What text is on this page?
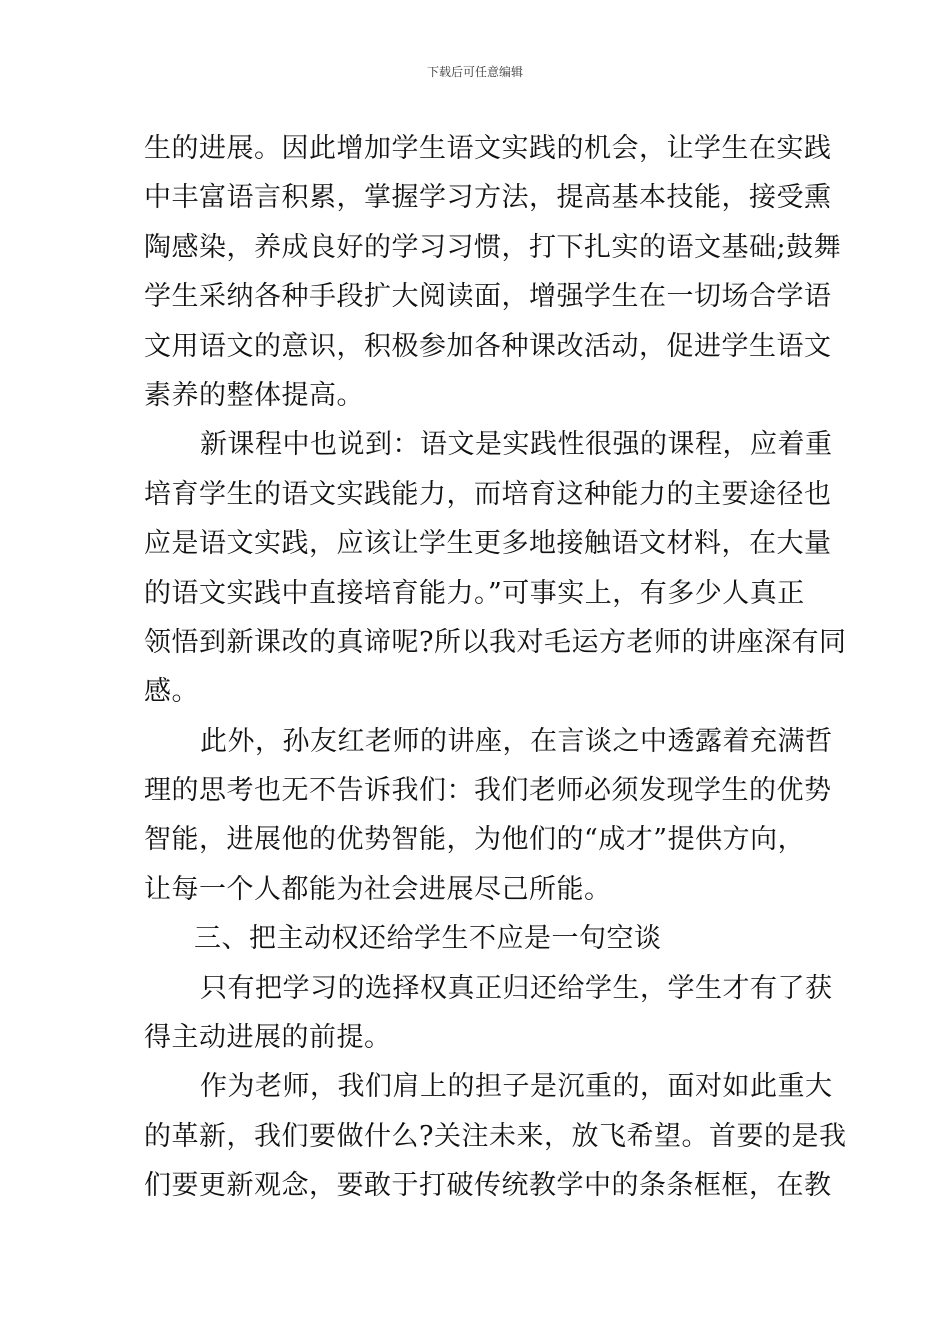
下载后可任意编辑
生的进展。因此增加学生语文实践的机会，让学生在实践
中丰富语言积累，掌握学习方法，提高基本技能，接受熏
陶感染，养成良好的学习习惯，打下扎实的语文基础;鼓舞
学生采纳各种手段扩大阅读面，增强学生在一切场合学语
文用语文的意识，积极参加各种课改活动，促进学生语文
素养的整体提高。
新课程中也说到：语文是实践性很强的课程，应着重
培育学生的语文实践能力，而培育这种能力的主要途径也
应是语文实践，应该让学生更多地接触语文材料，在大量
的语文实践中直接培育能力。”可事实上，有多少人真正
领悟到新课改的真谛呢?所以我对毛运方老师的讲座深有同
感。
此外，孙友红老师的讲座，在言谈之中透露着充满哲
理的思考也无不告诉我们：我们老师必须发现学生的优势
智能，进展他的优势智能，为他们的“成才”提供方向，
让每一个人都能为社会进展尽己所能。
三、把主动权还给学生不应是一句空谈
只有把学习的选择权真正归还给学生，学生才有了获
得主动进展的前提。
作为老师，我们肩上的担子是沉重的，面对如此重大
的革新，我们要做什么?关注未来，放飞希望。首要的是我
们要更新观念，要敢于打破传统教学中的条条框框，在教
